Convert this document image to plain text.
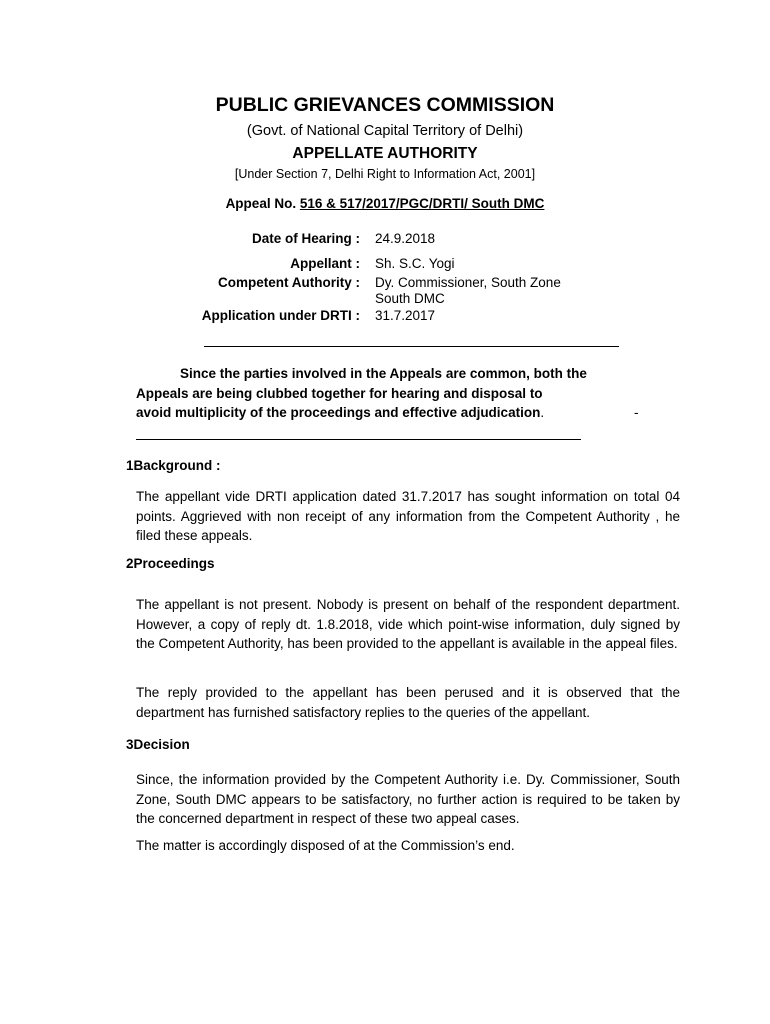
PUBLIC GRIEVANCES COMMISSION
(Govt. of National Capital Territory of Delhi)
APPELLATE AUTHORITY
[Under Section 7, Delhi Right to Information Act, 2001]
Appeal No. 516 & 517/2017/PGC/DRTI/ South DMC
Date of Hearing : 24.9.2018
Appellant : Sh. S.C. Yogi
Competent Authority : Dy. Commissioner, South Zone
South DMC
Application under DRTI : 31.7.2017
Since the parties involved in the Appeals are common, both the
Appeals are being clubbed together for hearing and disposal to
avoid multiplicity of the proceedings and effective adjudication.	-
1Background :

The appellant vide DRTI application dated 31.7.2017 has sought information on total 04 points. Aggrieved with non receipt of any information from the Competent Authority , he filed these appeals.

2Proceedings

The appellant is not present. Nobody is present on behalf of the respondent department. However, a copy of reply dt. 1.8.2018, vide which point-wise information, duly signed by the Competent Authority, has been provided to the appellant is available in the appeal files.

The reply provided to the appellant has been perused and it is observed that the department has furnished satisfactory replies to the queries of the appellant.

3Decision

Since, the information provided by the Competent Authority i.e. Dy. Commissioner, South Zone, South DMC appears to be satisfactory, no further action is required to be taken by the concerned department in respect of these two appeal cases.

The matter is accordingly disposed of at the Commission’s end.
